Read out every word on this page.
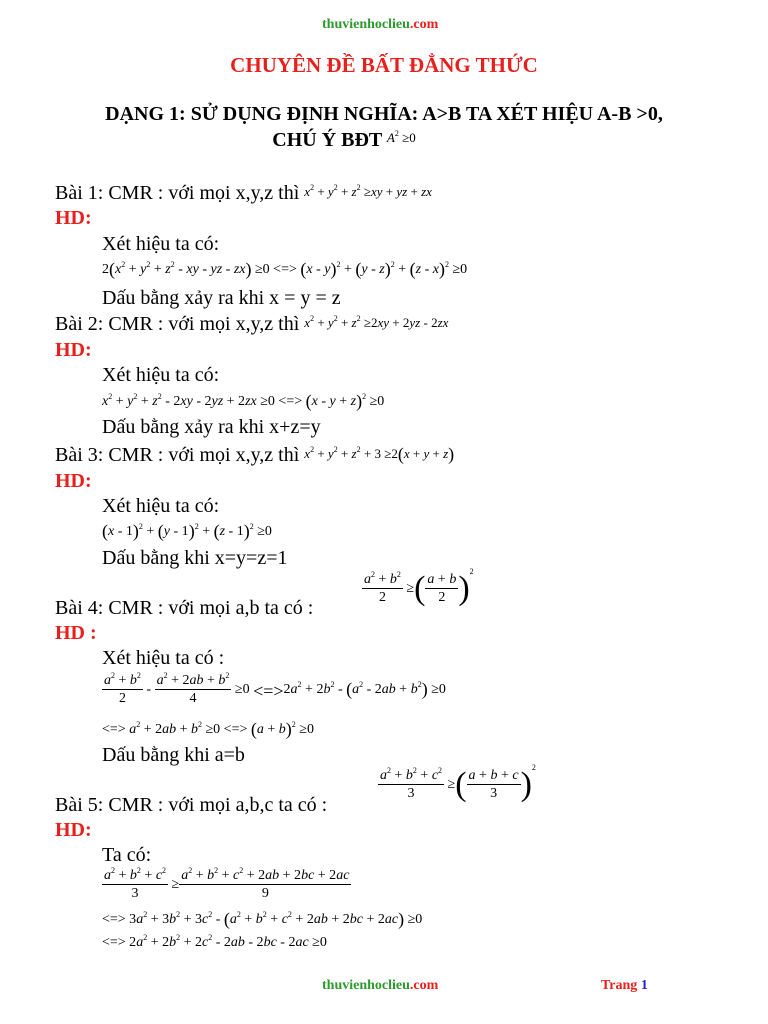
thuvienhoclieu.com
CHUYÊN ĐỀ BẤT ĐẲNG THỨC
DẠNG 1: SỬ DỤNG ĐỊNH NGHĨA: A>B TA XÉT HIỆU A-B >0,
CHÚ Ý BĐT $^{A^2 \ge 0}$
Bài 1: CMR : với mọi x,y,z thì $x^2 + y^2 + z^2 \ge xy$ + yz + zx
HD:
Xét hiệu ta có:
$2(x^2 + y^2 + z^2$ - xy - yz - zx) ≥0 <=> (x - y)$^2$ + (y - z)$^2$ + (z - x)$^2$ ≥0
Dấu bằng xảy ra khi x = y = z
Bài 2: CMR : với mọi x,y,z thì $x^2 + y^2 + z^2 \ge 2xy + 2yz - 2zx$
HD:
Xét hiệu ta có:
$x^2 + y^2 + z^2 - 2xy - 2yz + 2zx \ge 0$ <=> $(x - y + z)^2 \ge 0$
Dấu bằng xảy ra khi x+z=y
Bài 3: CMR : với mọi x,y,z thì $x^2 + y^2 + z^2 + 3 \ge 2(x + y + z)$
HD:
Xét hiệu ta có:
(x - 1)$^2$ + (y - 1)$^2$ + (z - 1)$^2$ ≥0
Dấu bằng khi x=y=z=1
Bài 4: CMR : với mọi a,b ta có :
$\frac{a^2 + b^2}{2}$ ≥( $\frac{a + b}{2} )^2$
HD :
Xét hiệu ta có :
$\frac{a^2 + b^2}{2} - \frac{a^2 + 2ab + b^2}{4} \ge 0 <=>2a^2 + 2b^2 - (a^2 - 2ab + b^2) \ge 0$
<=> $a^2 + 2ab + b^2 \ge 0$ <=> $(a + b)^2 \ge 0$
Dấu bằng khi a=b
Bài 5: CMR : với mọi a,b,c ta có :
$\frac{a^2 + b^2 + c^2}{3}$ ≥( $\frac{a + b + c}{3} )^2$
HD:
Ta có:
$\frac{a^2 + b^2 + c^2}{3} \ge \frac{a^2 + b^2 + c^2 + 2ab + 2bc + 2ac}{9}$
<=> $3a^2 + 3b^2 + 3c^2 - (a^2 + b^2 + c^2 + 2ab + 2bc + 2ac) \ge 0$
<=> $2a^2 + 2b^2 + 2c^2 - 2ab - 2bc - 2ac \ge 0$
thuvienhoclieu.com	Trang 1
